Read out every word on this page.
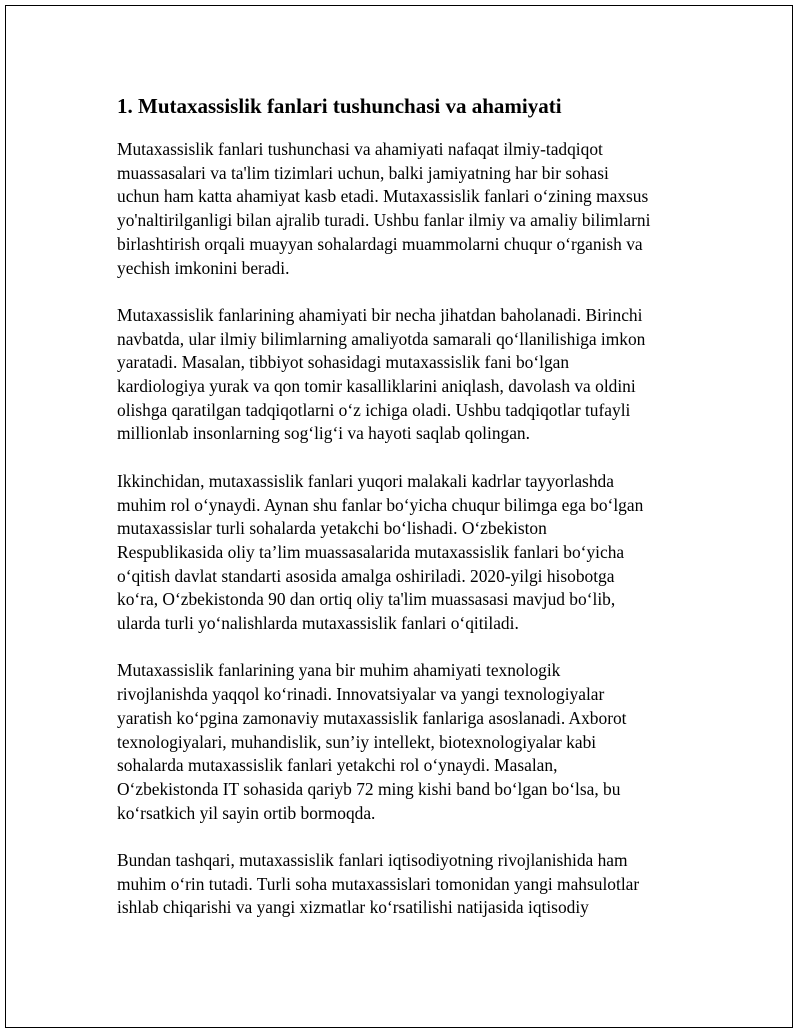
1. Mutaxassislik fanlari tushunchasi va ahamiyati
Mutaxassislik fanlari tushunchasi va ahamiyati nafaqat ilmiy-tadqiqot
muassasalari va ta'lim tizimlari uchun, balki jamiyatning har bir sohasi
uchun ham katta ahamiyat kasb etadi. Mutaxassislik fanlari o‘zining maxsus
yo'naltirilganligi bilan ajralib turadi. Ushbu fanlar ilmiy va amaliy bilimlarni
birlashtirish orqali muayyan sohalardagi muammolarni chuqur o‘rganish va
yechish imkonini beradi.
Mutaxassislik fanlarining ahamiyati bir necha jihatdan baholanadi. Birinchi
navbatda, ular ilmiy bilimlarning amaliyotda samarali qo‘llanilishiga imkon
yaratadi. Masalan, tibbiyot sohasidagi mutaxassislik fani bo‘lgan
kardiologiya yurak va qon tomir kasalliklarini aniqlash, davolash va oldini
olishga qaratilgan tadqiqotlarni o‘z ichiga oladi. Ushbu tadqiqotlar tufayli
millionlab insonlarning sog‘lig‘i va hayoti saqlab qolingan.
Ikkinchidan, mutaxassislik fanlari yuqori malakali kadrlar tayyorlashda
muhim rol o‘ynaydi. Aynan shu fanlar bo‘yicha chuqur bilimga ega bo‘lgan
mutaxassislar turli sohalarda yetakchi bo‘lishadi. O‘zbekiston
Respublikasida oliy ta’lim muassasalarida mutaxassislik fanlari bo‘yicha
o‘qitish davlat standarti asosida amalga oshiriladi. 2020-yilgi hisobotga
ko‘ra, O‘zbekistonda 90 dan ortiq oliy ta'lim muassasasi mavjud bo‘lib,
ularda turli yo‘nalishlarda mutaxassislik fanlari o‘qitiladi.
Mutaxassislik fanlarining yana bir muhim ahamiyati texnologik
rivojlanishda yaqqol ko‘rinadi. Innovatsiyalar va yangi texnologiyalar
yaratish ko‘pgina zamonaviy mutaxassislik fanlariga asoslanadi. Axborot
texnologiyalari, muhandislik, sun’iy intellekt, biotexnologiyalar kabi
sohalarda mutaxassislik fanlari yetakchi rol o‘ynaydi. Masalan,
O‘zbekistonda IT sohasida qariyb 72 ming kishi band bo‘lgan bo‘lsa, bu
ko‘rsatkich yil sayin ortib bormoqda.
Bundan tashqari, mutaxassislik fanlari iqtisodiyotning rivojlanishida ham
muhim o‘rin tutadi. Turli soha mutaxassislari tomonidan yangi mahsulotlar
ishlab chiqarishi va yangi xizmatlar ko‘rsatilishi natijasida iqtisodiy
